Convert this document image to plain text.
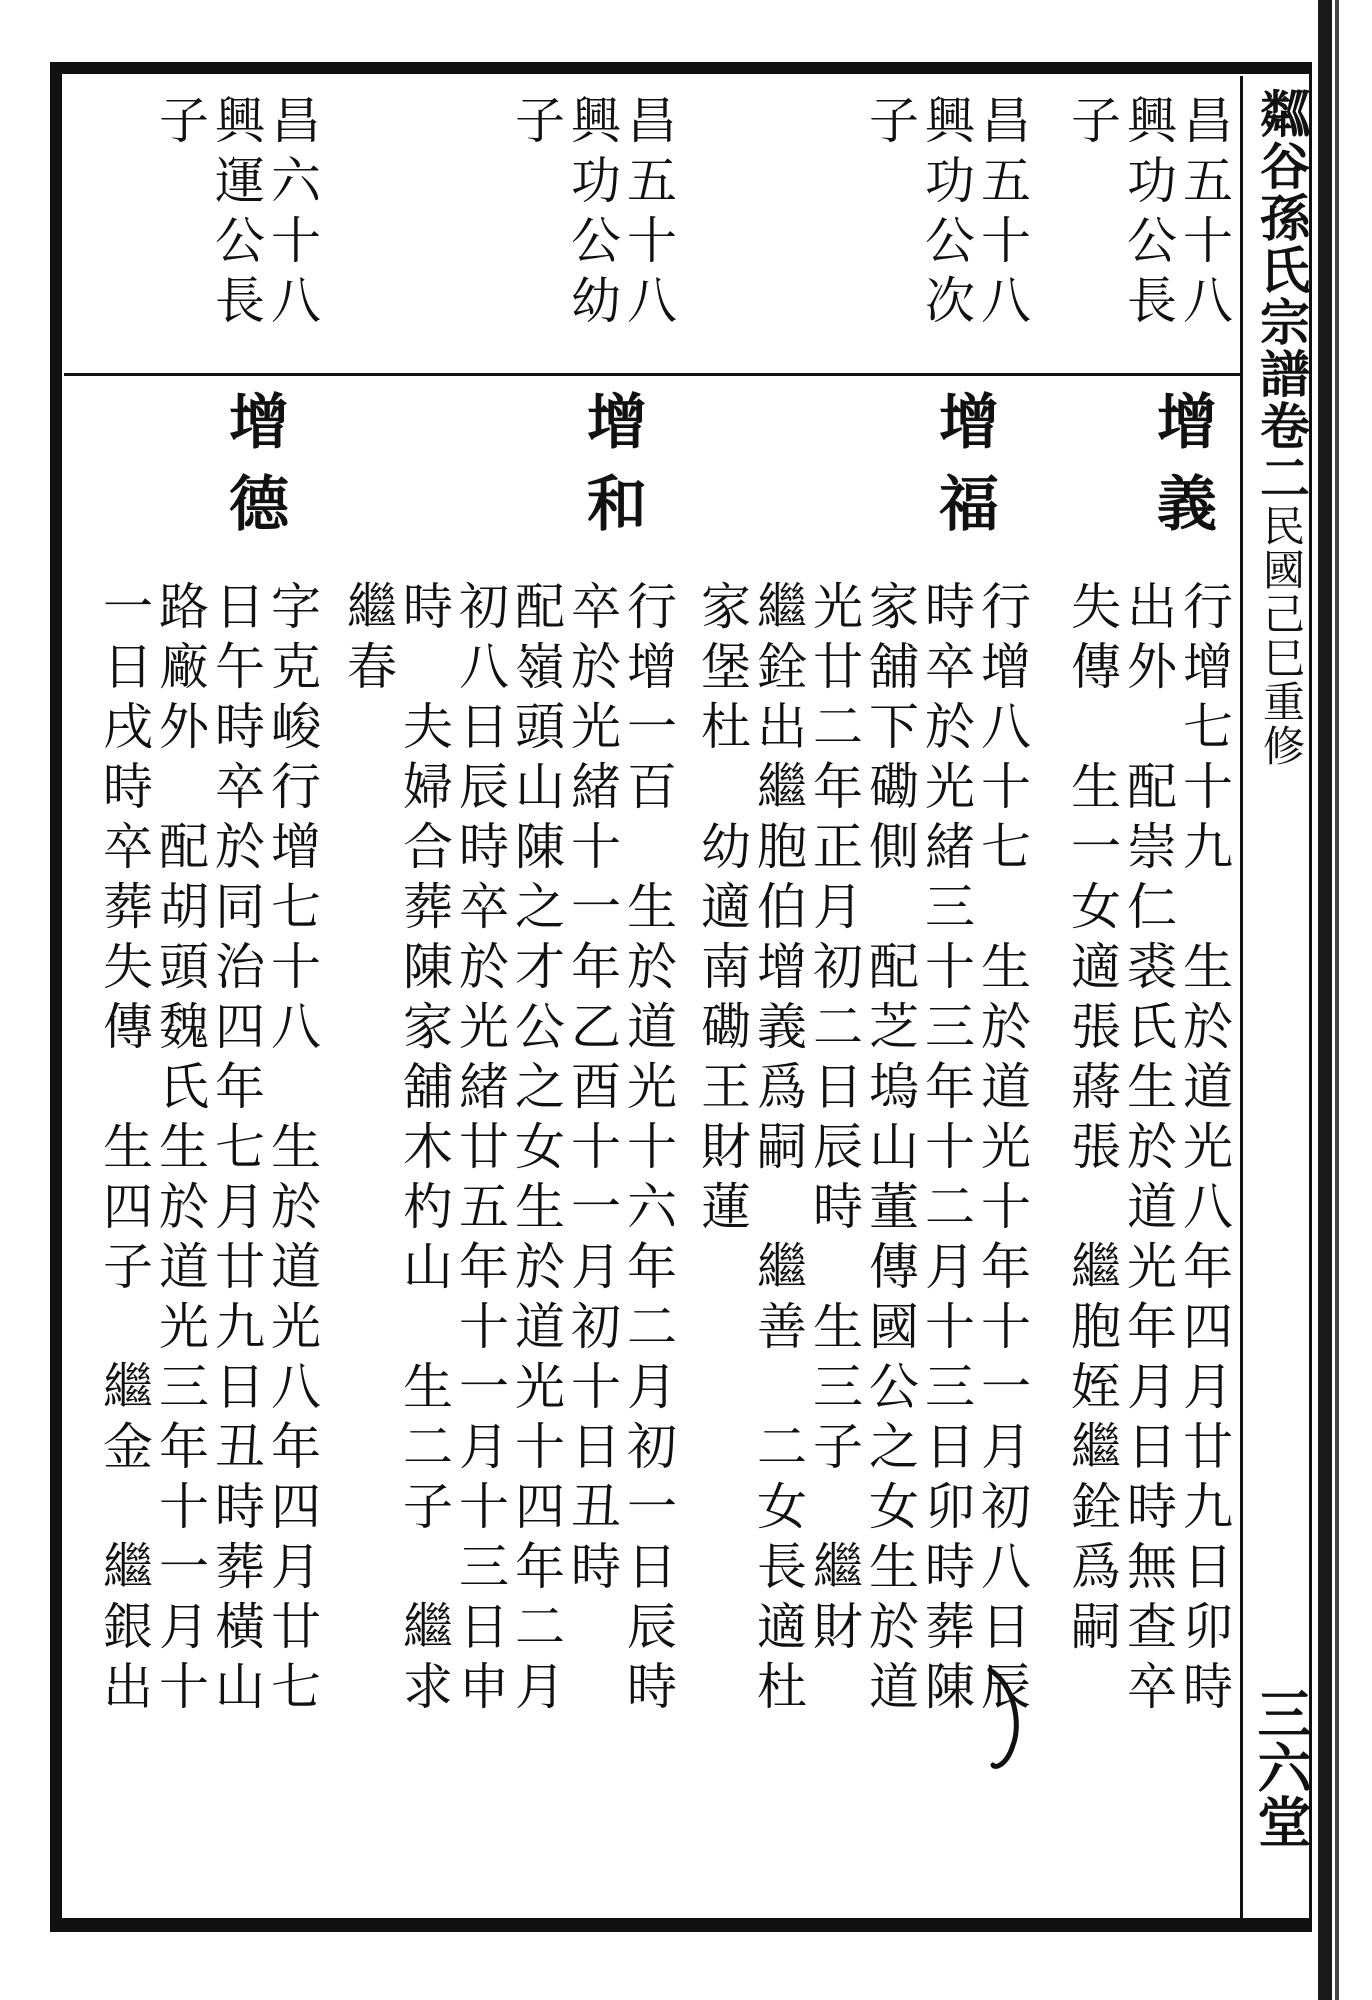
𥻘谷孫氏宗譜卷二民國己巳重修
三六堂
昌五十八
興功公長
子
增義
行增七十九　生於道光八年四月廿九日卯時
出外　配崇仁裘氏生於道光年月日時無查卒
失傳　生一女適張蔣張　繼胞姪繼銓爲嗣
昌五十八
興功公次
子
增福
行增八十七　生於道光十年十一月初八日辰
時卒於光緒三十三年十二月十三日卯時葬陳
家舖下磡側　配芝塢山董傳國公之女生於道
光廿二年正月初二日辰時　生三子　繼財
繼銓出繼胞伯增義爲嗣　繼善　二女長適杜
家堡杜　幼適南磡王財蓮
昌五十八
興功公幼
子
增和
行增一百　生於道光十六年二月初一日辰時
卒於光緒十一年乙酉十一月初十日丑時
配嶺頭山陳之才公之女生於道光十四年二月
初八日辰時卒於光緒廿五年十一月十三日申
時　夫婦合葬陳家舖木杓山　生二子　繼求
繼春
昌六十八
興運公長
子
增德
字克峻行增七十八　生於道光八年四月廿七
日午時卒於同治四年七月廿九日丑時葬橫山
路廠外　配胡頭魏氏生於道光三年十一月十
一日戌時卒葬失傳　生四子　繼金　繼銀出
